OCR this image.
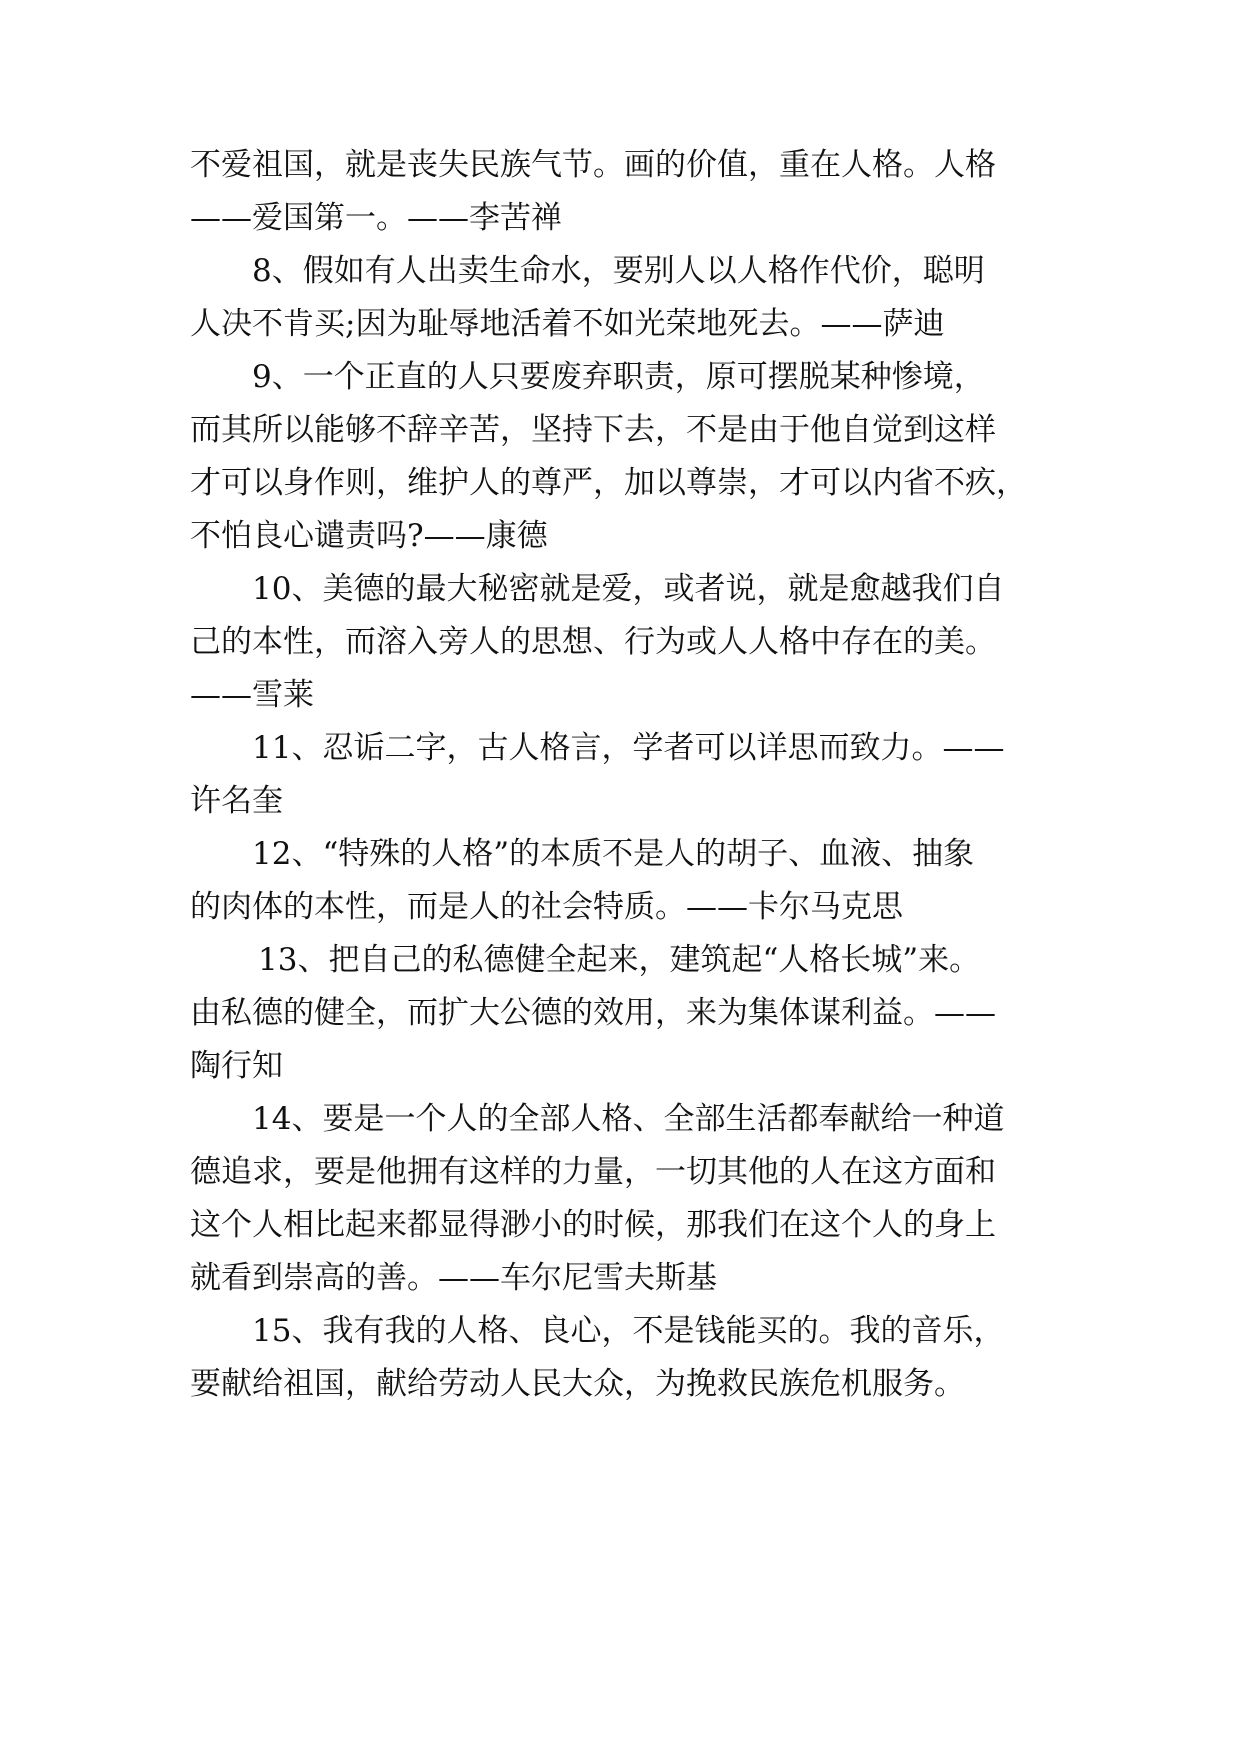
不爱祖国，就是丧失民族气节。画的价值，重在人格。人格
——爱国第一。——李苦禅
8、假如有人出卖生命水，要别人以人格作代价，聪明
人决不肯买;因为耻辱地活着不如光荣地死去。——萨迪
9、一个正直的人只要废弃职责，原可摆脱某种惨境，
而其所以能够不辞辛苦，坚持下去，不是由于他自觉到这样
才可以身作则，维护人的尊严，加以尊崇，才可以内省不疚，
不怕良心谴责吗?——康德
10、美德的最大秘密就是爱，或者说，就是愈越我们自
己的本性，而溶入旁人的思想、行为或人人格中存在的美。
——雪莱
11、忍诟二字，古人格言，学者可以详思而致力。——
许名奎
12、“特殊的人格”的本质不是人的胡子、血液、抽象
的肉体的本性，而是人的社会特质。——卡尔马克思
13、把自己的私德健全起来，建筑起“人格长城”来。
由私德的健全，而扩大公德的效用，来为集体谋利益。——
陶行知
14、要是一个人的全部人格、全部生活都奉献给一种道
德追求，要是他拥有这样的力量，一切其他的人在这方面和
这个人相比起来都显得渺小的时候，那我们在这个人的身上
就看到崇高的善。——车尔尼雪夫斯基
15、我有我的人格、良心，不是钱能买的。我的音乐，
要献给祖国，献给劳动人民大众，为挽救民族危机服务。
